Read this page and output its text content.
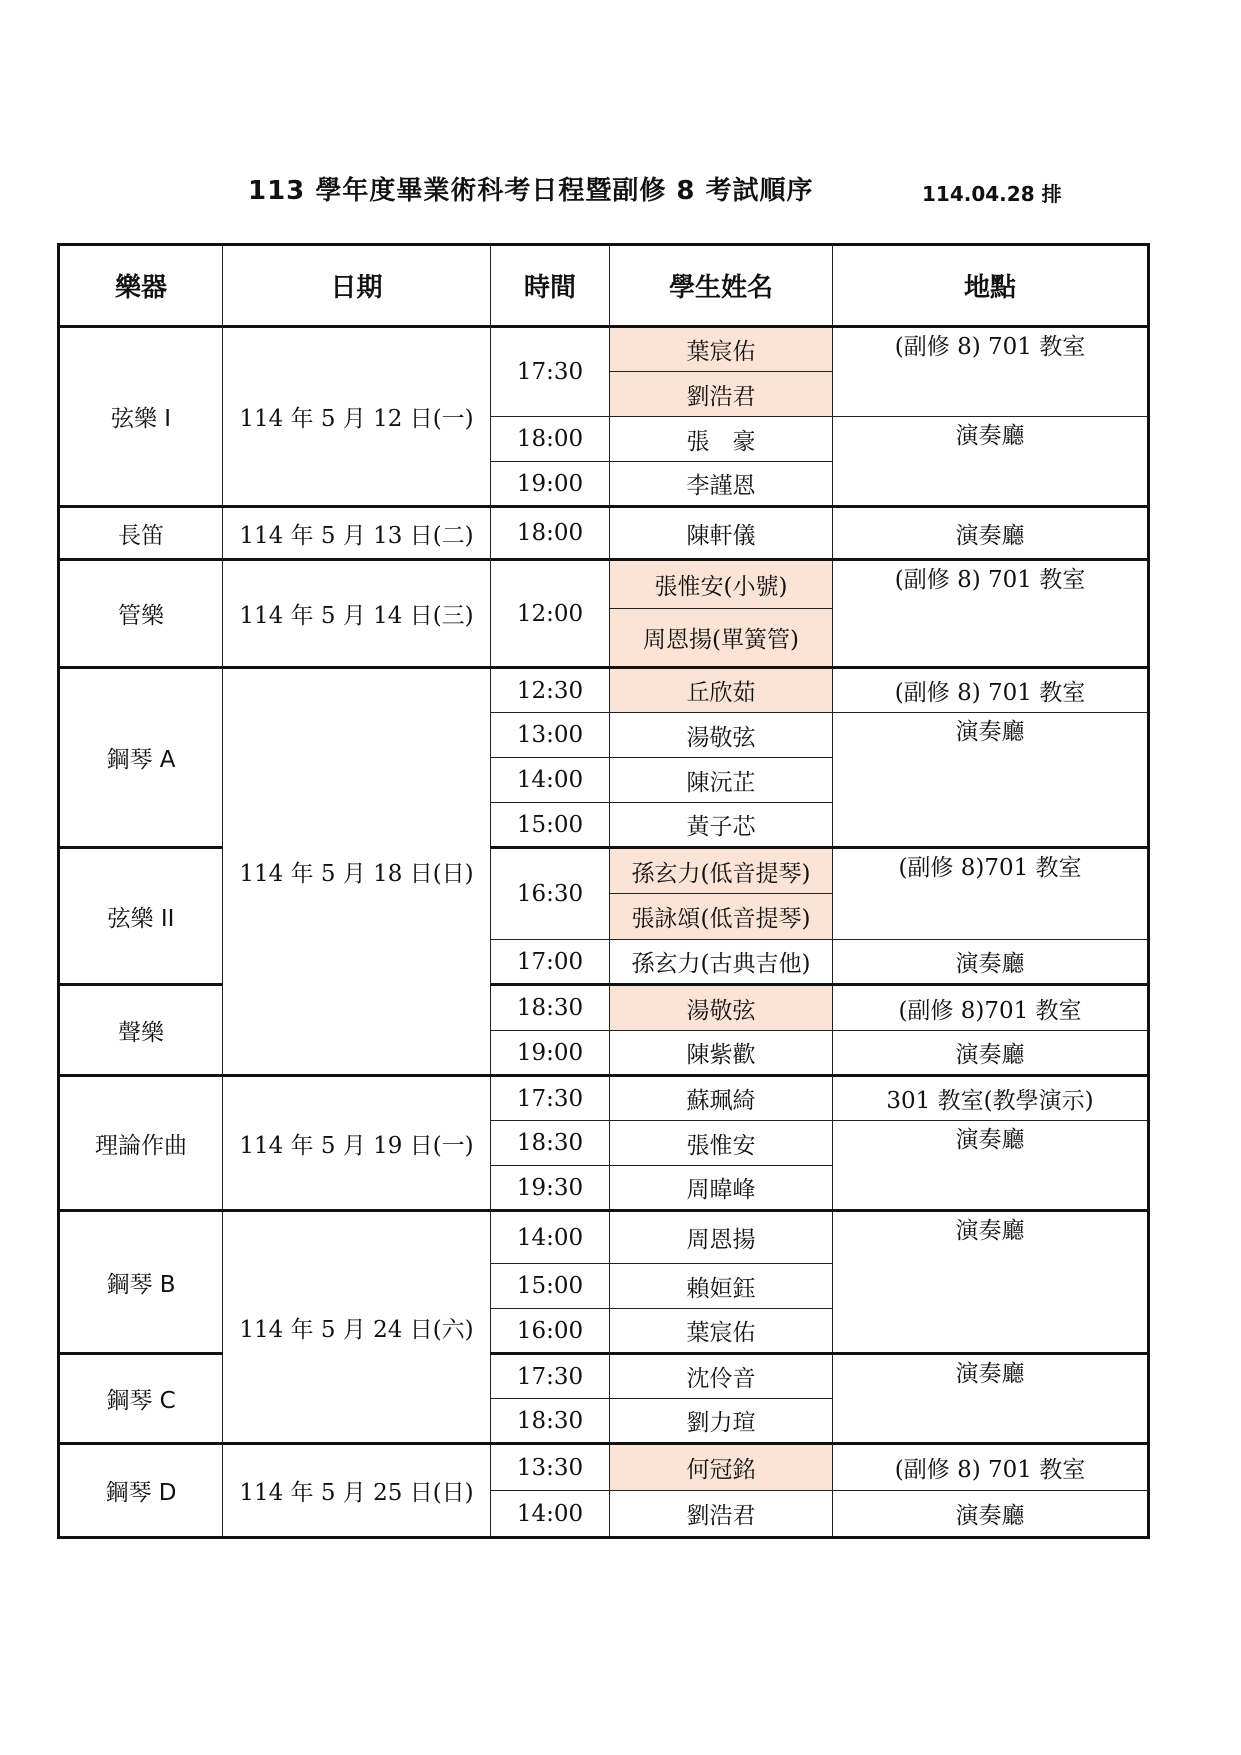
113 學年度畢業術科考日程暨副修 8 考試順序	114.04.28 排
樂器	日期	時間	學生姓名	地點
弦樂 I	114 年 5 月 12 日(一)	17:30	葉宸佑	(副修 8) 701 教室
			劉浩君	
		18:00	張　豪	演奏廳
		19:00	李謹恩	
長笛	114 年 5 月 13 日(二)	18:00	陳軒儀	演奏廳
管樂	114 年 5 月 14 日(三)	12:00	張惟安(小號)	(副修 8) 701 教室
			周恩揚(單簧管)	
鋼琴 A	114 年 5 月 18 日(日)	12:30	丘欣茹	(副修 8) 701 教室
		13:00	湯敬弦	演奏廳
		14:00	陳沅芷	
		15:00	黃子芯	
弦樂 II		16:30	孫玄力(低音提琴)	(副修 8)701 教室
			張詠頌(低音提琴)	
		17:00	孫玄力(古典吉他)	演奏廳
聲樂		18:30	湯敬弦	(副修 8)701 教室
		19:00	陳紫歡	演奏廳
理論作曲	114 年 5 月 19 日(一)	17:30	蘇珮綺	301 教室(教學演示)
		18:30	張惟安	演奏廳
		19:30	周暐峰	
鋼琴 B	114 年 5 月 24 日(六)	14:00	周恩揚	演奏廳
		15:00	賴姮鈺	
		16:00	葉宸佑	
鋼琴 C		17:30	沈伶音	演奏廳
		18:30	劉力瑄	
鋼琴 D	114 年 5 月 25 日(日)	13:30	何冠銘	(副修 8) 701 教室
		14:00	劉浩君	演奏廳
